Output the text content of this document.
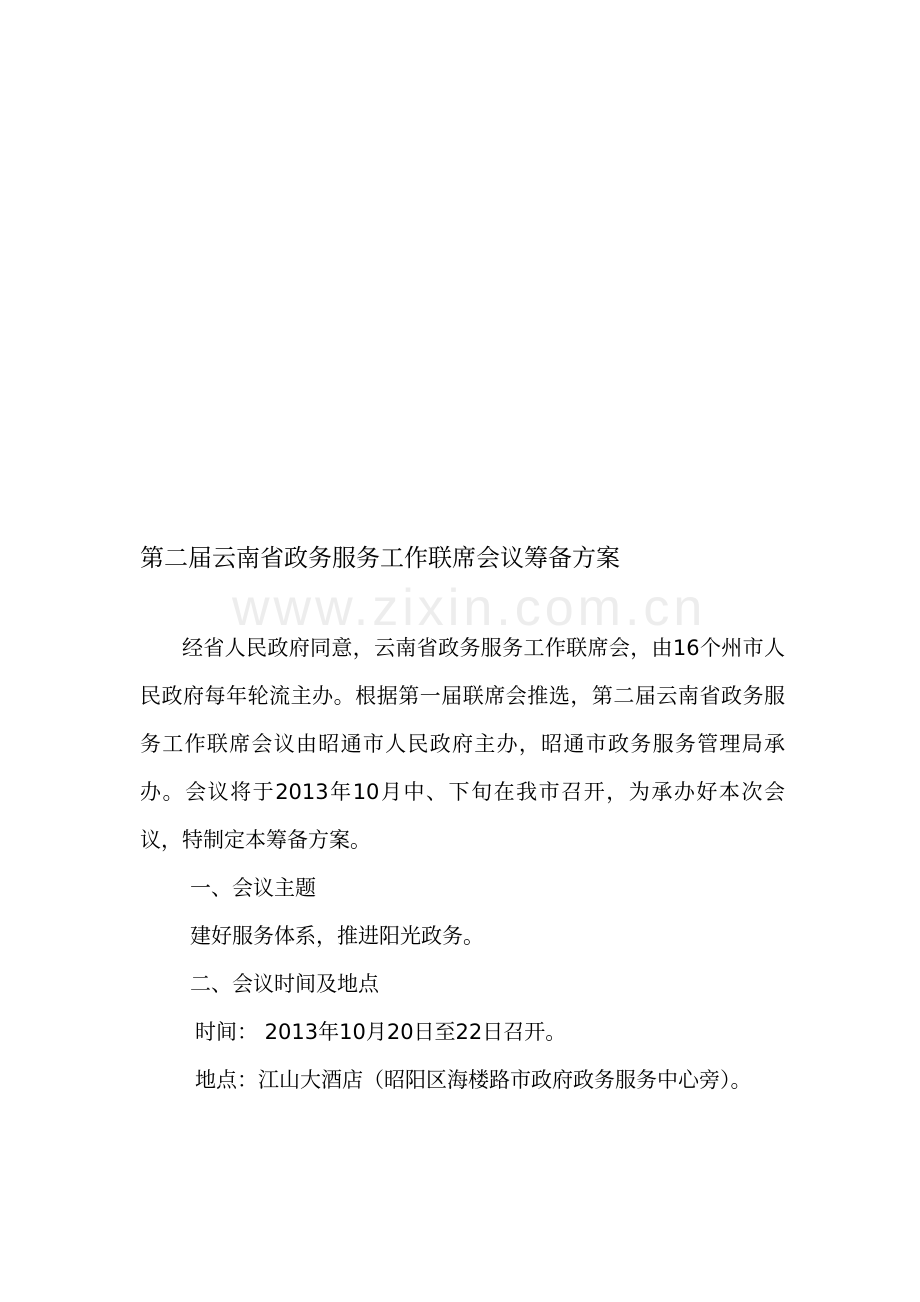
www.zixin.com.cn
第二届云南省政务服务工作联席会议筹备方案

经省人民政府同意，云南省政务服务工作联席会，由16个州市人民政府每年轮流主办。根据第一届联席会推选，第二届云南省政务服务工作联席会议由昭通市人民政府主办，昭通市政务服务管理局承办。会议将于2013年10月中、下旬在我市召开，为承办好本次会议，特制定本筹备方案。

一、会议主题

建好服务体系，推进阳光政务。

二、会议时间及地点

时间： 2013年10月20日至22日召开。

地点：江山大酒店（昭阳区海楼路市政府政务服务中心旁）。
